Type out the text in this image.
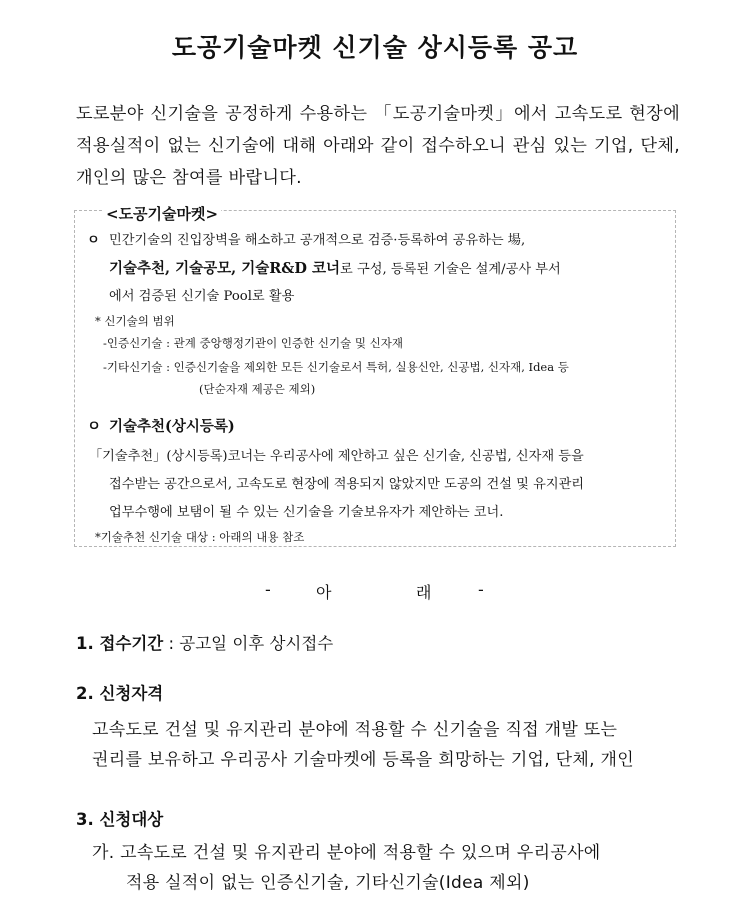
도공기술마켓 신기술 상시등록 공고

도로분야 신기술을 공정하게 수용하는 「도공기술마켓」에서 고속도로 현장에 적용실적이 없는 신기술에 대해 아래와 같이 접수하오니 관심 있는 기업, 단체, 개인의 많은 참여를 바랍니다.

<도공기술마켓>
ㅇ 민간기술의 진입장벽을 해소하고 공개적으로 검증·등록하여 공유하는 場,
기술추천, 기술공모, 기술R&D 코너로 구성, 등록된 기술은 설계/공사 부서
에서 검증된 신기술 Pool로 활용
* 신기술의 범위
-인증신기술 : 관계 중앙행정기관이 인증한 신기술 및 신자재
-기타신기술 : 인증신기술을 제외한 모든 신기술로서 특허, 실용신안, 신공법, 신자재, Idea 등
(단순자재 제공은 제외)
ㅇ 기술추천(상시등록)
「기술추천」(상시등록)코너는 우리공사에 제안하고 싶은 신기술, 신공법, 신자재 등을
접수받는 공간으로서, 고속도로 현장에 적용되지 않았지만 도공의 건설 및 유지관리
업무수행에 보탬이 될 수 있는 신기술을 기술보유자가 제안하는 코너.
*기술추천 신기술 대상 : 아래의 내용 참조
-	아	래	-

1. 접수기간 : 공고일 이후 상시접수

2. 신청자격

고속도로 건설 및 유지관리 분야에 적용할 수 신기술을 직접 개발 또는

권리를 보유하고 우리공사 기술마켓에 등록을 희망하는 기업, 단체, 개인

3. 신청대상

가. 고속도로 건설 및 유지관리 분야에 적용할 수 있으며 우리공사에

적용 실적이 없는 인증신기술, 기타신기술(Idea 제외)
